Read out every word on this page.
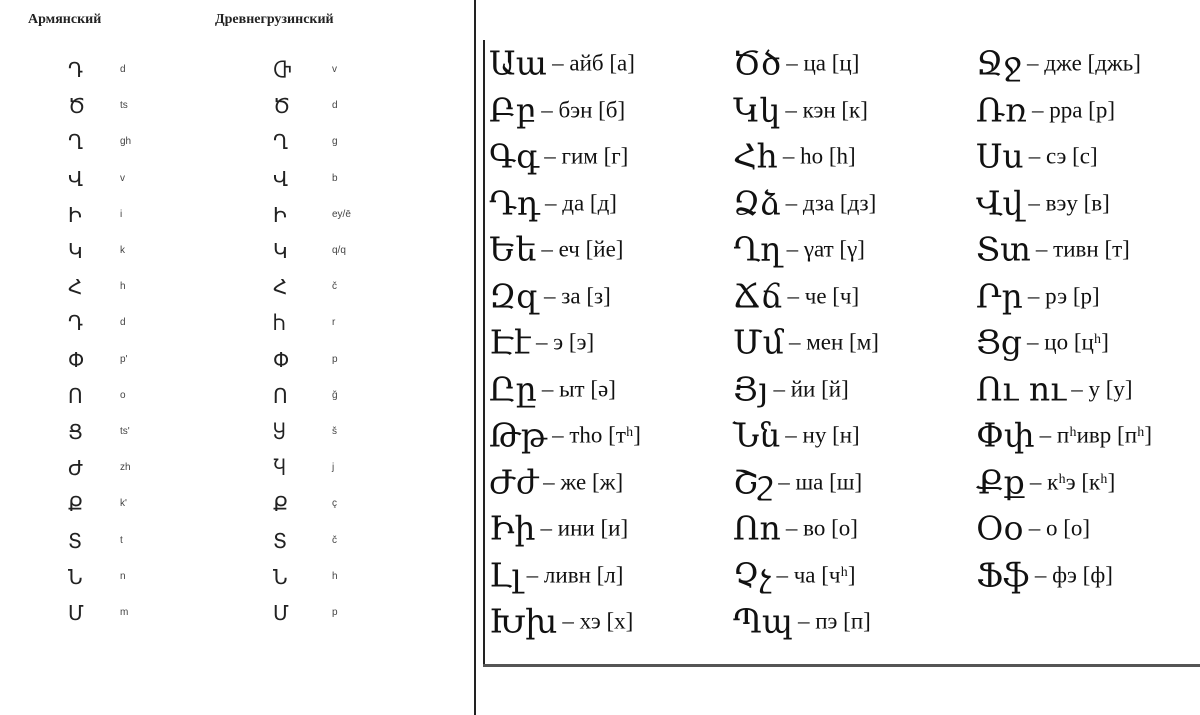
Армянский	Древнегрузинский
Դ	d	Ⴇ	v
Ծ	ts	Ծ	d
Ղ	gh	Ղ	g
Վ	v	Վ	b
Ի	i	Ի	ey/ē
Կ	k	Կ	q/q
Հ	h	Հ	č
Դ	d	Ⴙ	r
Փ	p'	Փ	p
Ո	o	Ո	ğ
Ց	ts'	Ⴘ	š
Ժ	zh	Ⴏ	j
Ք	k'	Ք	ç
Տ	t	Տ	č
Ն	n	Ն	h
Մ	m	Մ	p
Աա – айб [а]
Բբ – бэн [б]
Գգ – гим [г]
Դդ – да [д]
Եե – еч [йе]
Զզ – за [з]
Էէ – э [э]
Ըը – ыт [ə]
Թթ – тhо [тʰ]
Ժժ – же [ж]
Իի – ини [и]
Լլ – ливн [л]
Խխ – хэ [х]
Ծծ – ца [ц]
Կկ – кэн [к]
Հհ – ho [h]
Ձձ – дза [дз]
Ղղ – γат [γ]
Ճճ – че [ч]
Մմ – мен [м]
Յյ – йи [й]
Նն – ну [н]
Շշ – ша [ш]
Ոո – во [о]
Չչ – ча [чʰ]
Պպ – пэ [п]
Ջջ – дже [джь]
Ռռ – рра [р]
Սս – сэ [с]
Վվ – вэу [в]
Տտ – тивн [т]
Րր – рэ [р]
Ցց – цо [цʰ]
Ու ու – у [у]
Փփ – пʰивр [пʰ]
Քք – кʰэ [кʰ]
Օօ – о [о]
Ֆֆ – фэ [ф]
